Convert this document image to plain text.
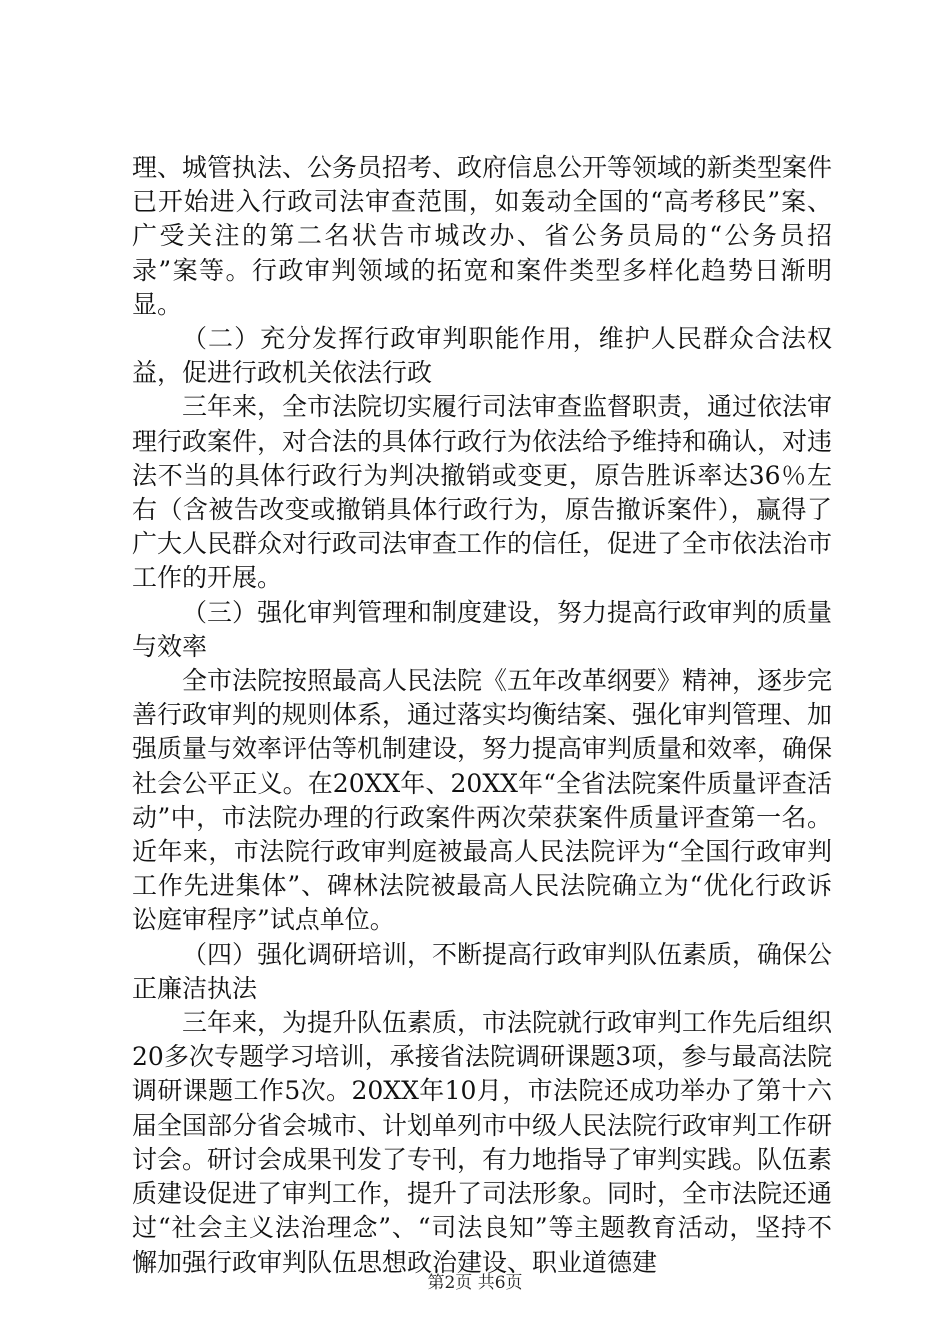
理、城管执法、公务员招考、政府信息公开等领域的新类型案件已开始进入行政司法审查范围，如轰动全国的“高考移民”案、广受关注的第二名状告市城改办、省公务员局的“公务员招录”案等。行政审判领域的拓宽和案件类型多样化趋势日渐明显。

（二）充分发挥行政审判职能作用，维护人民群众合法权益，促进行政机关依法行政

三年来，全市法院切实履行司法审查监督职责，通过依法审理行政案件，对合法的具体行政行为依法给予维持和确认，对违法不当的具体行政行为判决撤销或变更，原告胜诉率达36％左右（含被告改变或撤销具体行政行为，原告撤诉案件），赢得了广大人民群众对行政司法审查工作的信任，促进了全市依法治市工作的开展。

（三）强化审判管理和制度建设，努力提高行政审判的质量与效率

全市法院按照最高人民法院《五年改革纲要》精神，逐步完善行政审判的规则体系，通过落实均衡结案、强化审判管理、加强质量与效率评估等机制建设，努力提高审判质量和效率，确保社会公平正义。在20XX年、20XX年“全省法院案件质量评查活动”中，市法院办理的行政案件两次荣获案件质量评查第一名。近年来，市法院行政审判庭被最高人民法院评为“全国行政审判工作先进集体”、碑林法院被最高人民法院确立为“优化行政诉讼庭审程序”试点单位。

（四）强化调研培训，不断提高行政审判队伍素质，确保公正廉洁执法

三年来，为提升队伍素质，市法院就行政审判工作先后组织20多次专题学习培训，承接省法院调研课题3项，参与最高法院调研课题工作5次。20XX年10月，市法院还成功举办了第十六届全国部分省会城市、计划单列市中级人民法院行政审判工作研讨会。研讨会成果刊发了专刊，有力地指导了审判实践。队伍素质建设促进了审判工作，提升了司法形象。同时，全市法院还通过“社会主义法治理念”、“司法良知”等主题教育活动，坚持不懈加强行政审判队伍思想政治建设、职业道德建

第2页 共6页
